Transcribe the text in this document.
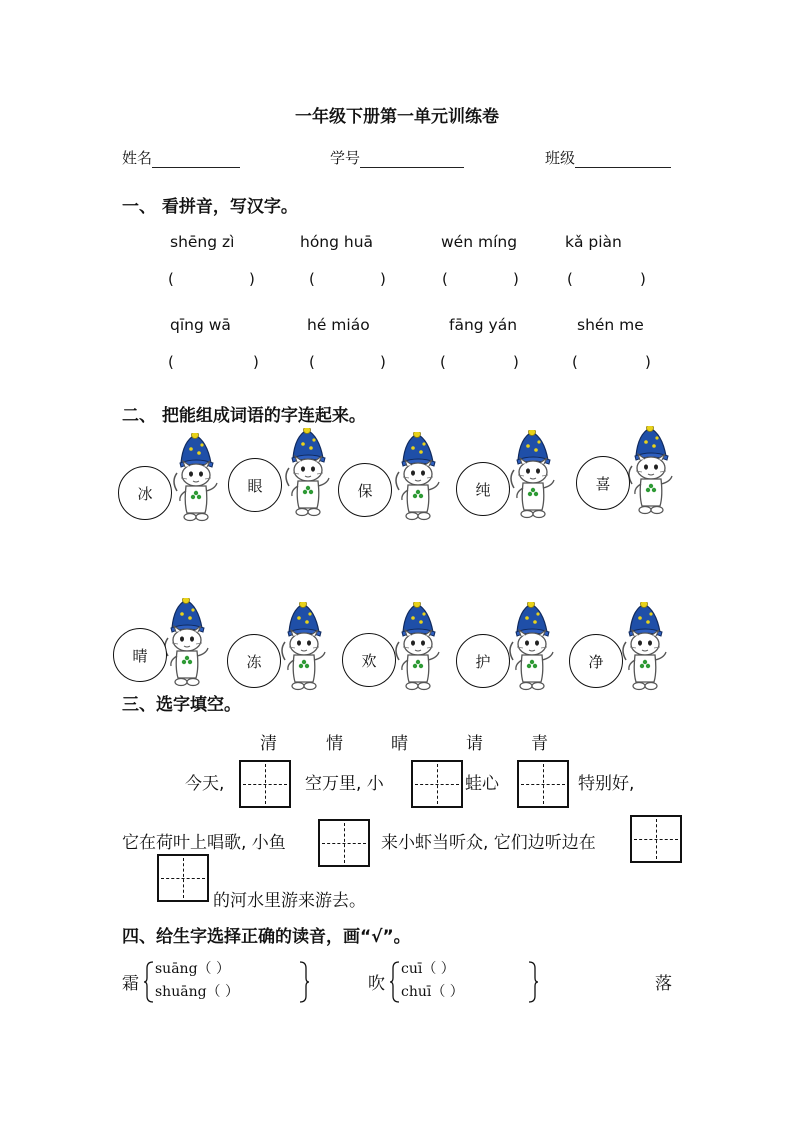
一年级下册第一单元训练卷
姓名	学号	班级
一、 看拼音，写汉字。
shēng zì	hóng huā	wén míng	kǎ piàn
(	)	(	)	(	)	(	)
qīng wā	hé miáo	fāng yán	shén me
(	)	(	)	(	)	(	)
二、 把能组成词语的字连起来。
冰	眼	保	纯	喜
晴	冻	欢	护	净
三、选字填空。
清	情	晴	请	青
今天,	空万里, 小	蛙心	特别好,
它在荷叶上唱歌, 小鱼	来小虾当听众, 它们边听边在
的河水里游来游去。
四、给生字选择正确的读音，画“√”。
霜
suāng（ ）
shuāng（ ）	吹
cuī（ ）
chuī（ ）	落
